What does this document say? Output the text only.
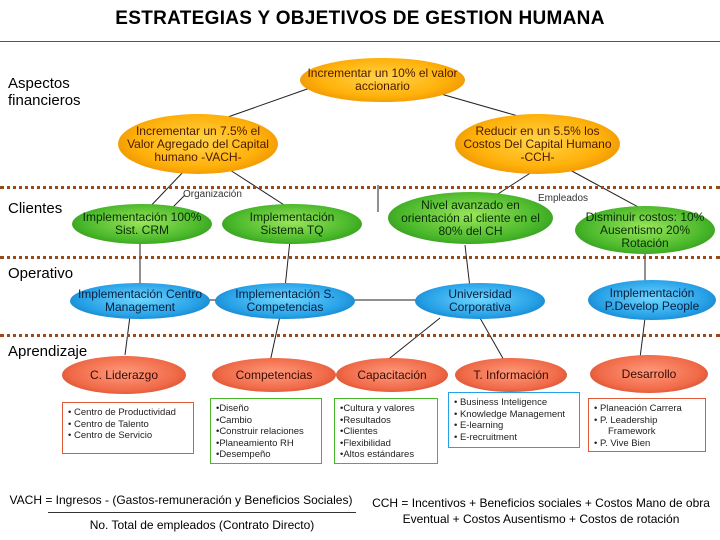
ESTRATEGIAS Y OBJETIVOS DE GESTION HUMANA
Aspectos financieros
Clientes
Operativo
Aprendizaje
Organización	Empleados
Incrementar un 10% el valor accionario
Incrementar un 7.5% el Valor Agregado del Capital humano -VACH-
Reducir en un 5.5% los Costos Del Capital Humano -CCH-
Implementación 100% Sist. CRM
Implementación Sistema TQ
Nivel avanzado en orientación al cliente en el 80% del CH
Disminuir costos: 10% Ausentismo 20% Rotación
Implementación Centro Management
Implementación S. Competencias
Universidad Corporativa
Implementación P.Develop People
C. Liderazgo	Competencias	Capacitación	T. Información	Desarrollo
• Centro de Productividad
• Centro de Talento
• Centro de Servicio
•Diseño
•Cambio
•Construir relaciones
•Planeamiento RH
•Desempeño
•Cultura y valores
•Resultados
•Clientes
•Flexibilidad
•Altos estándares
• Business Inteligence
• Knowledge Management
• E-learning
• E-recruitment
• Planeación Carrera
• P. Leadership
Framework
• P. Vive Bien
VACH = Ingresos - (Gastos-remuneración y Beneficios Sociales)
No. Total de empleados (Contrato Directo)
CCH = Incentivos + Beneficios sociales + Costos Mano de obra
Eventual + Costos Ausentismo + Costos de rotación
